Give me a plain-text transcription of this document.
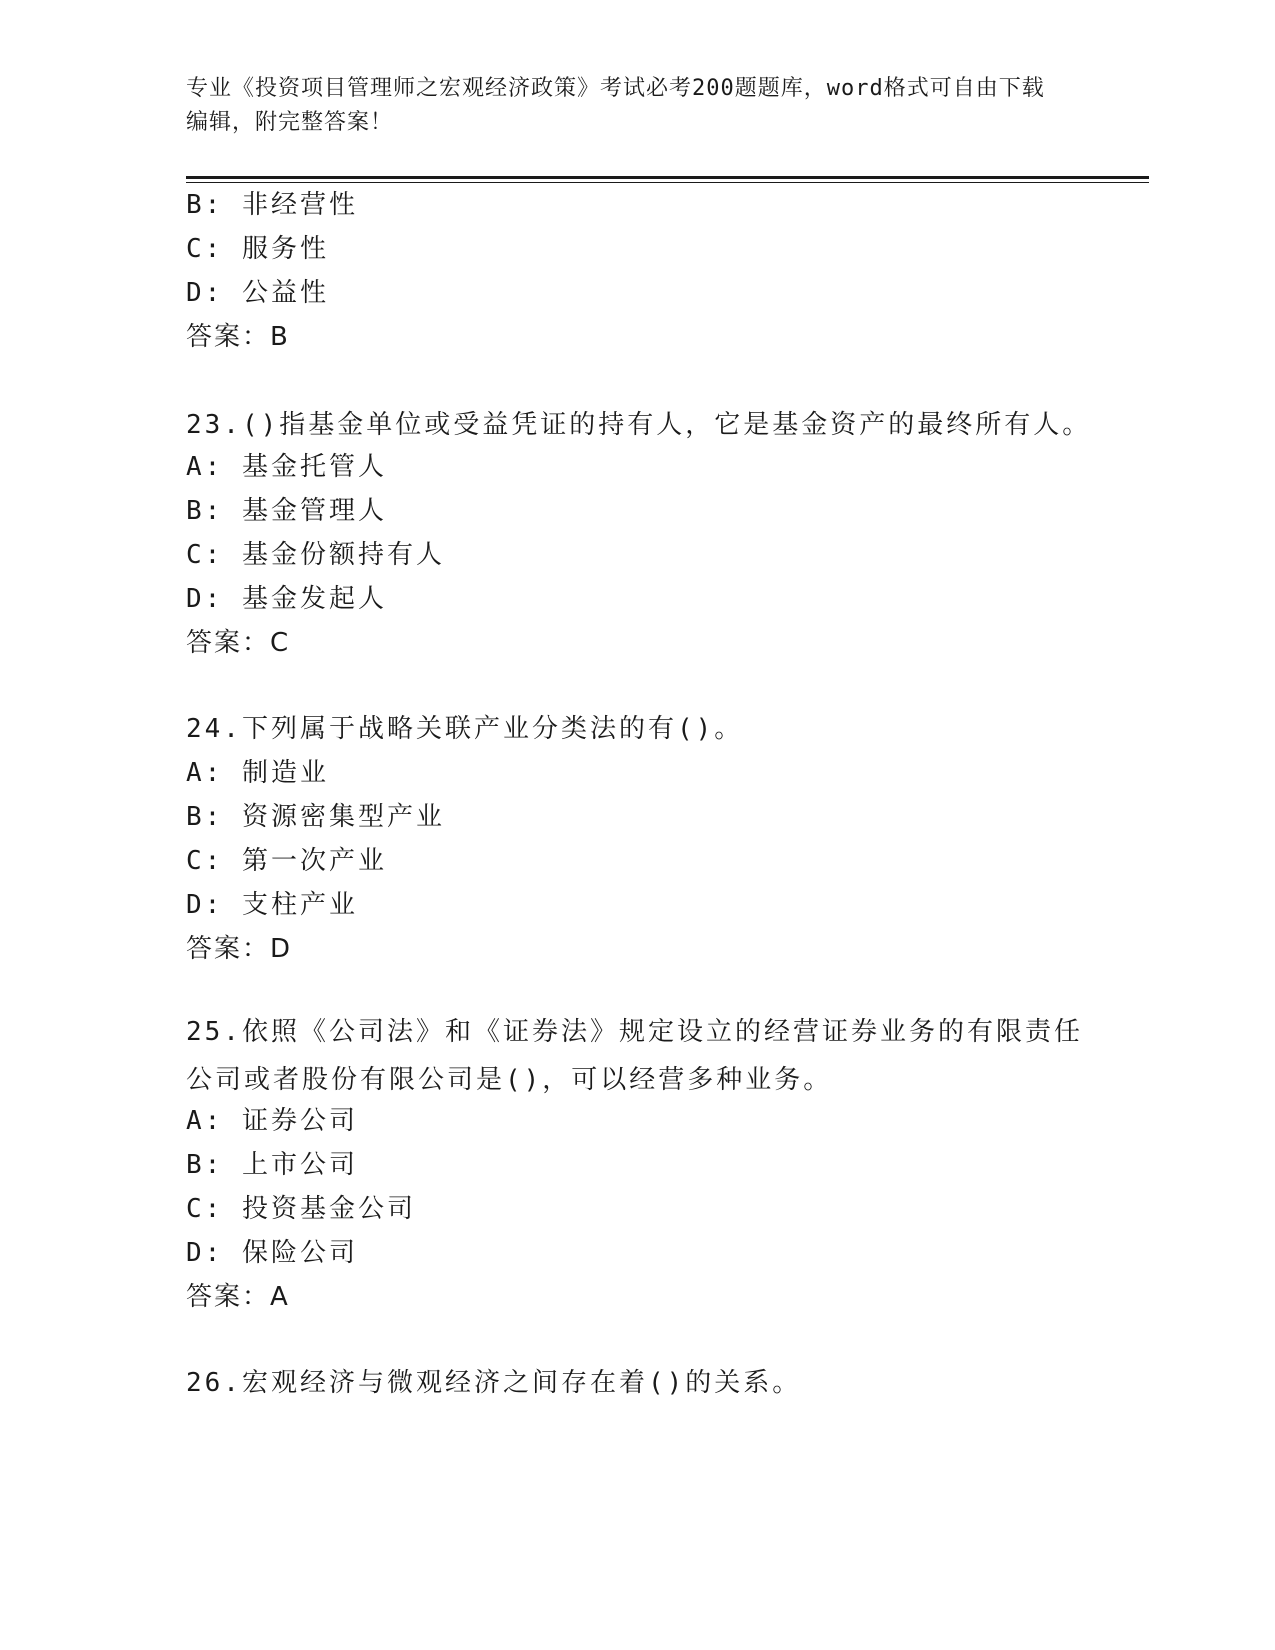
专业《投资项目管理师之宏观经济政策》考试必考200题题库，word格式可自由下载编辑，附完整答案！
B: 非经营性
C: 服务性
D: 公益性
答案：B
23.()指基金单位或受益凭证的持有人，它是基金资产的最终所有人。
A: 基金托管人
B: 基金管理人
C: 基金份额持有人
D: 基金发起人
答案：C
24.下列属于战略关联产业分类法的有()。
A: 制造业
B: 资源密集型产业
C: 第一次产业
D: 支柱产业
答案：D
25.依照《公司法》和《证券法》规定设立的经营证券业务的有限责任公司或者股份有限公司是()，可以经营多种业务。
A: 证券公司
B: 上市公司
C: 投资基金公司
D: 保险公司
答案：A
26.宏观经济与微观经济之间存在着()的关系。
